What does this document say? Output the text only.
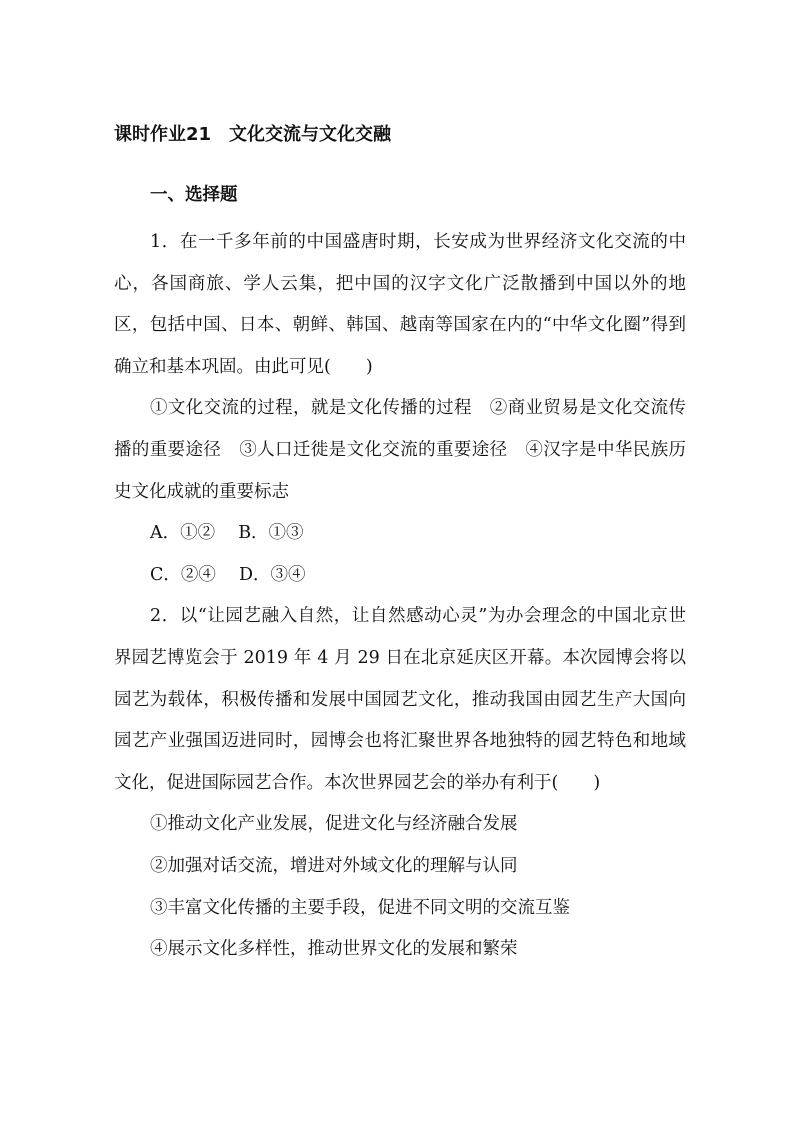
课时作业21　文化交流与文化交融
一、选择题

1．在一千多年前的中国盛唐时期，长安成为世界经济文化交流的中心，各国商旅、学人云集，把中国的汉字文化广泛散播到中国以外的地区，包括中国、日本、朝鲜、韩国、越南等国家在内的“中华文化圈”得到确立和基本巩固。由此可见(　　)

①文化交流的过程，就是文化传播的过程　②商业贸易是文化交流传播的重要途径　③人口迁徙是文化交流的重要途径　④汉字是中华民族历史文化成就的重要标志

A．①②　 B．①③
C．②④　 D．③④

2．以“让园艺融入自然，让自然感动心灵”为办会理念的中国北京世界园艺博览会于 2019 年 4 月 29 日在北京延庆区开幕。本次园博会将以园艺为载体，积极传播和发展中国园艺文化，推动我国由园艺生产大国向园艺产业强国迈进同时，园博会也将汇聚世界各地独特的园艺特色和地域文化，促进国际园艺合作。本次世界园艺会的举办有利于(　　)

①推动文化产业发展，促进文化与经济融合发展
②加强对话交流，增进对外域文化的理解与认同
③丰富文化传播的主要手段，促进不同文明的交流互鉴
④展示文化多样性，推动世界文化的发展和繁荣
